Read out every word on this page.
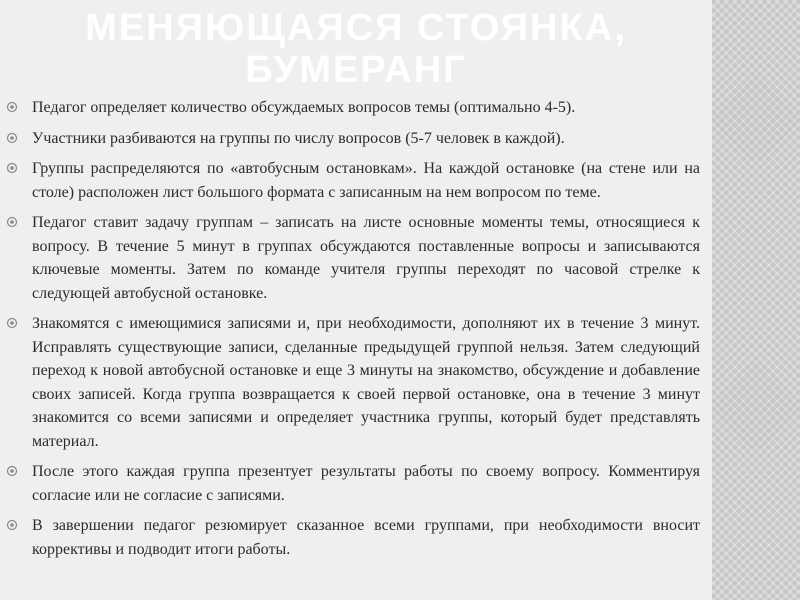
МЕНЯЮЩАЯСЯ СТОЯНКА,
БУМЕРАНГ
Педагог определяет количество обсуждаемых вопросов темы (оптимально 4-5).
Участники разбиваются на группы по числу вопросов (5-7 человек в каждой).
Группы распределяются по «автобусным остановкам». На каждой остановке (на стене или на столе) расположен лист большого формата с записанным на нем вопросом по теме.
Педагог ставит задачу группам – записать на листе основные моменты темы, относящиеся к вопросу. В течение 5 минут в группах обсуждаются поставленные вопросы и записываются ключевые моменты. Затем по команде учителя группы переходят по часовой стрелке к следующей автобусной остановке.
Знакомятся с имеющимися записями и, при необходимости, дополняют их в течение 3 минут. Исправлять существующие записи, сделанные предыдущей группой нельзя. Затем следующий переход к новой автобусной остановке и еще 3 минуты на знакомство, обсуждение и добавление своих записей. Когда группа возвращается к своей первой остановке, она в течение 3 минут знакомится со всеми записями и определяет участника группы, который будет представлять материал.
После этого каждая группа презентует результаты работы по своему вопросу. Комментируя согласие или не согласие с записями.
В завершении педагог резюмирует сказанное всеми группами, при необходимости вносит коррективы и подводит итоги работы.
